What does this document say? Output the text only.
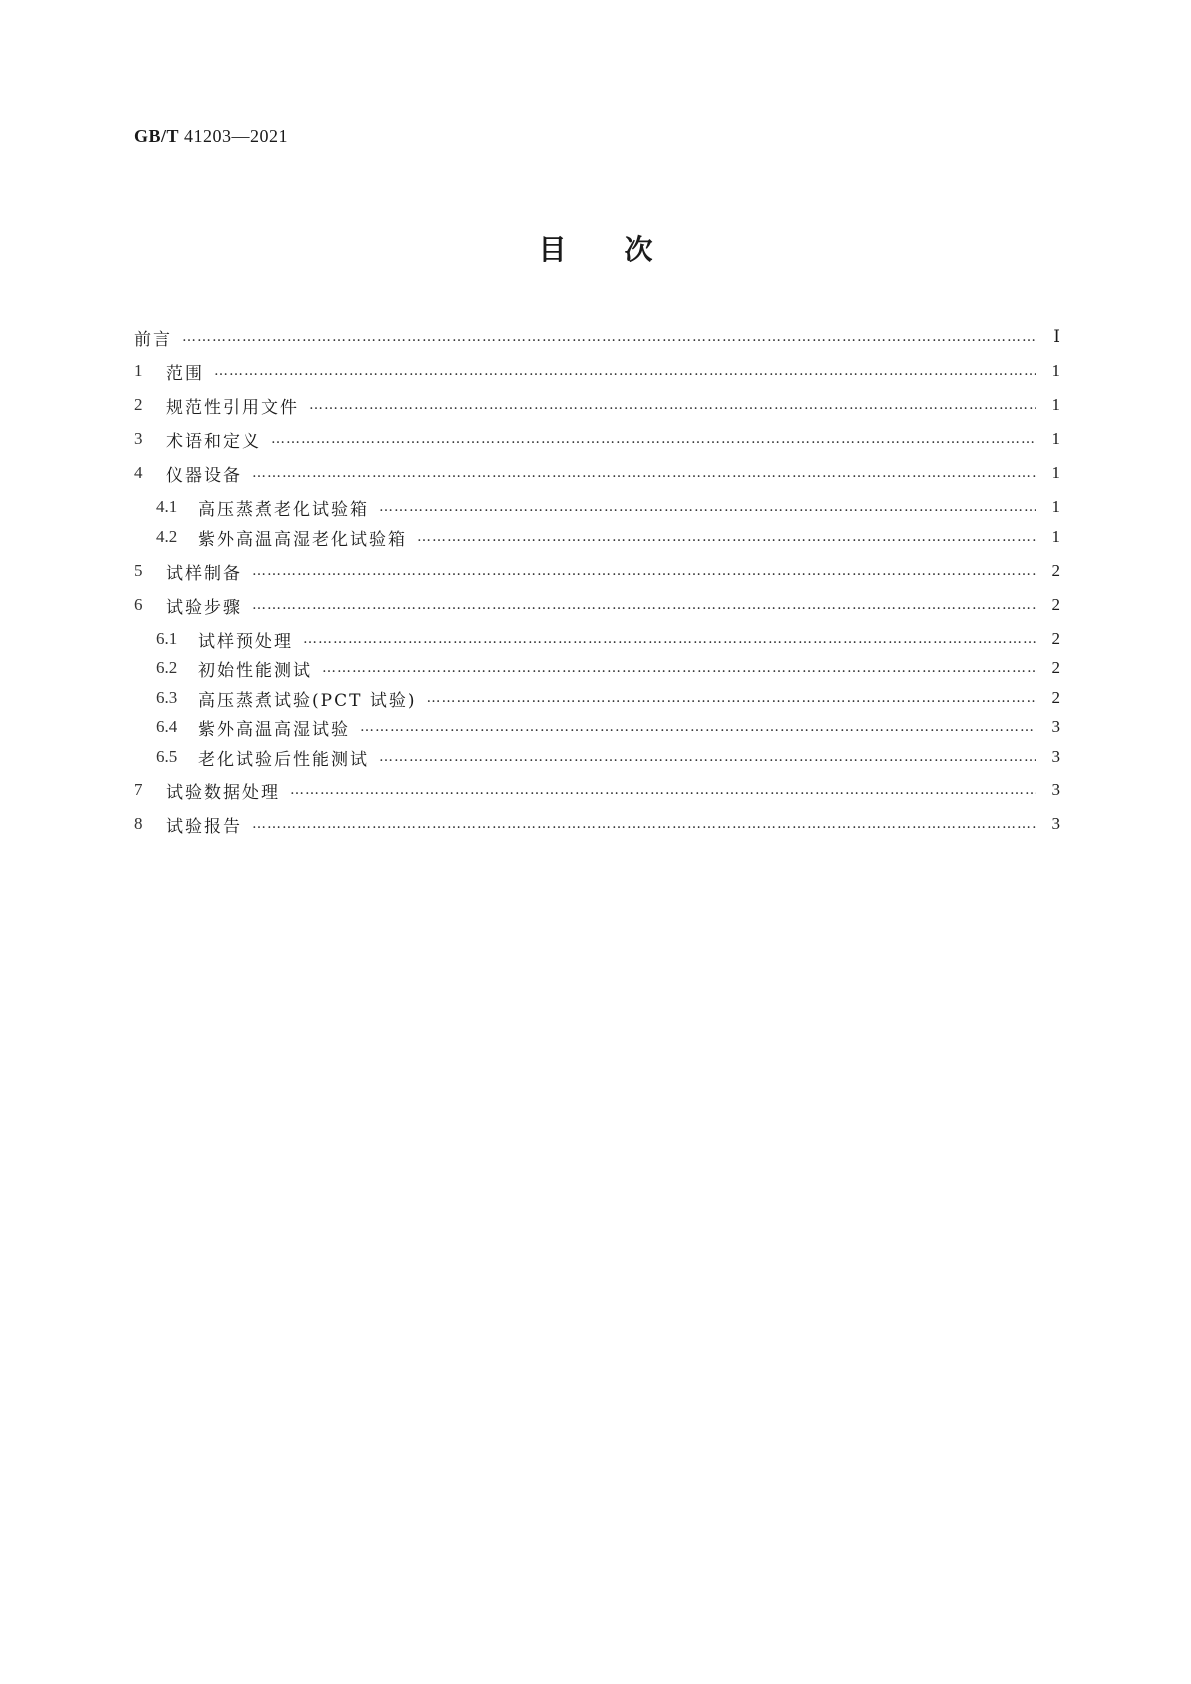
GB/T 41203—2021
目次
前言 …………………………………………………………………………………………………………………………………………………………………………………………………………………………………………………………………………	Ⅰ
1	范围 …………………………………………………………………………………………………………………………………………………………………………………………………………………………………………………………………………	1
2	规范性引用文件 …………………………………………………………………………………………………………………………………………………………………………………………………………………………………………………………………………	1
3	术语和定义 …………………………………………………………………………………………………………………………………………………………………………………………………………………………………………………………………………	1
4	仪器设备 …………………………………………………………………………………………………………………………………………………………………………………………………………………………………………………………………………	1
4.1	高压蒸煮老化试验箱 …………………………………………………………………………………………………………………………………………………………………………………………………………………………………………………………………………	1
4.2	紫外高温高湿老化试验箱 …………………………………………………………………………………………………………………………………………………………………………………………………………………………………………………………………………	1
5	试样制备 …………………………………………………………………………………………………………………………………………………………………………………………………………………………………………………………………………	2
6	试验步骤 …………………………………………………………………………………………………………………………………………………………………………………………………………………………………………………………………………	2
6.1	试样预处理 …………………………………………………………………………………………………………………………………………………………………………………………………………………………………………………………………………	2
6.2	初始性能测试 …………………………………………………………………………………………………………………………………………………………………………………………………………………………………………………………………………	2
6.3	高压蒸煮试验(PCT 试验) …………………………………………………………………………………………………………………………………………………………………………………………………………………………………………………………………………	2
6.4	紫外高温高湿试验 …………………………………………………………………………………………………………………………………………………………………………………………………………………………………………………………………………	3
6.5	老化试验后性能测试 …………………………………………………………………………………………………………………………………………………………………………………………………………………………………………………………………………	3
7	试验数据处理 …………………………………………………………………………………………………………………………………………………………………………………………………………………………………………………………………………	3
8	试验报告 …………………………………………………………………………………………………………………………………………………………………………………………………………………………………………………………………………	3
